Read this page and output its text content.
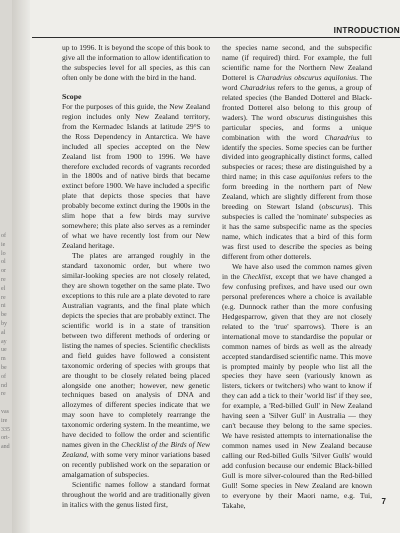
INTRODUCTION

up to 1996. It is beyond the scope of this book to give all the information to allow identification to the subspecies level for all species, as this can often only be done with the bird in the hand.

Scope

For the purposes of this guide, the New Zealand region includes only New Zealand territory, from the Kermadec Islands at latitude 29°S to the Ross Dependency in Antarctica. We have included all species accepted on the New Zealand list from 1900 to 1996. We have therefore excluded records of vagrants recorded in the 1800s and of native birds that became extinct before 1900. We have included a specific plate that depicts those species that have probably become extinct during the 1900s in the slim hope that a few birds may survive somewhere; this plate also serves as a reminder of what we have recently lost from our New Zealand heritage.

The plates are arranged roughly in the standard taxonomic order, but where two similar-looking species are not closely related, they are shown together on the same plate. Two exceptions to this rule are a plate devoted to rare Australian vagrants, and the final plate which depicts the species that are probably extinct. The scientific world is in a state of transition between two different methods of ordering or listing the names of species. Scientific checklists and field guides have followed a consistent taxonomic ordering of species with groups that are thought to be closely related being placed alongside one another; however, new genetic techniques based on analysis of DNA and allozymes of different species indicate that we may soon have to completely rearrange the taxonomic ordering system. In the meantime, we have decided to follow the order and scientific names given in the Checklist of the Birds of New Zealand, with some very minor variations based on recently published work on the separation or amalgamation of subspecies.

Scientific names follow a standard format throughout the world and are traditionally given in italics with the genus listed first,

the species name second, and the subspecific name (if required) third. For example, the full scientific name for the Northern New Zealand Dotterel is Charadrius obscurus aquilonius. The word Charadrius refers to the genus, a group of related species (the Banded Dotterel and Black-fronted Dotterel also belong to this group of waders). The word obscurus distinguishes this particular species, and forms a unique combination with the word Charadrius to identify the species. Some species can be further divided into geographically distinct forms, called subspecies or races; these are distinguished by a third name; in this case aquilonius refers to the form breeding in the northern part of New Zealand, which are slightly different from those breeding on Stewart Island (obscurus). This subspecies is called the 'nominate' subspecies as it has the same subspecific name as the species name, which indicates that a bird of this form was first used to describe the species as being different from other dotterels.

We have also used the common names given in the Checklist, except that we have changed a few confusing prefixes, and have used our own personal preferences where a choice is available (e.g. Dunnock rather than the more confusing Hedgesparrow, given that they are not closely related to the 'true' sparrows). There is an international move to standardise the popular or common names of birds as well as the already accepted standardised scientific name. This move is prompted mainly by people who list all the species they have seen (variously known as listers, tickers or twitchers) who want to know if they can add a tick to their 'world list' if they see, for example, a 'Red-billed Gull' in New Zealand having seen a 'Silver Gull' in Australia — they can't because they belong to the same species. We have resisted attempts to internationalise the common names used in New Zealand because calling our Red-billed Gulls 'Silver Gulls' would add confusion because our endemic Black-billed Gull is more silver-coloured than the Red-billed Gull! Some species in New Zealand are known to everyone by their Maori name, e.g. Tui, Takahe,	7
of
ie
lo
ol
or
re
el
re
ni
be
by
al
ay
ue
m
be
of
nd
re

vas
ire
335
ort-
and
